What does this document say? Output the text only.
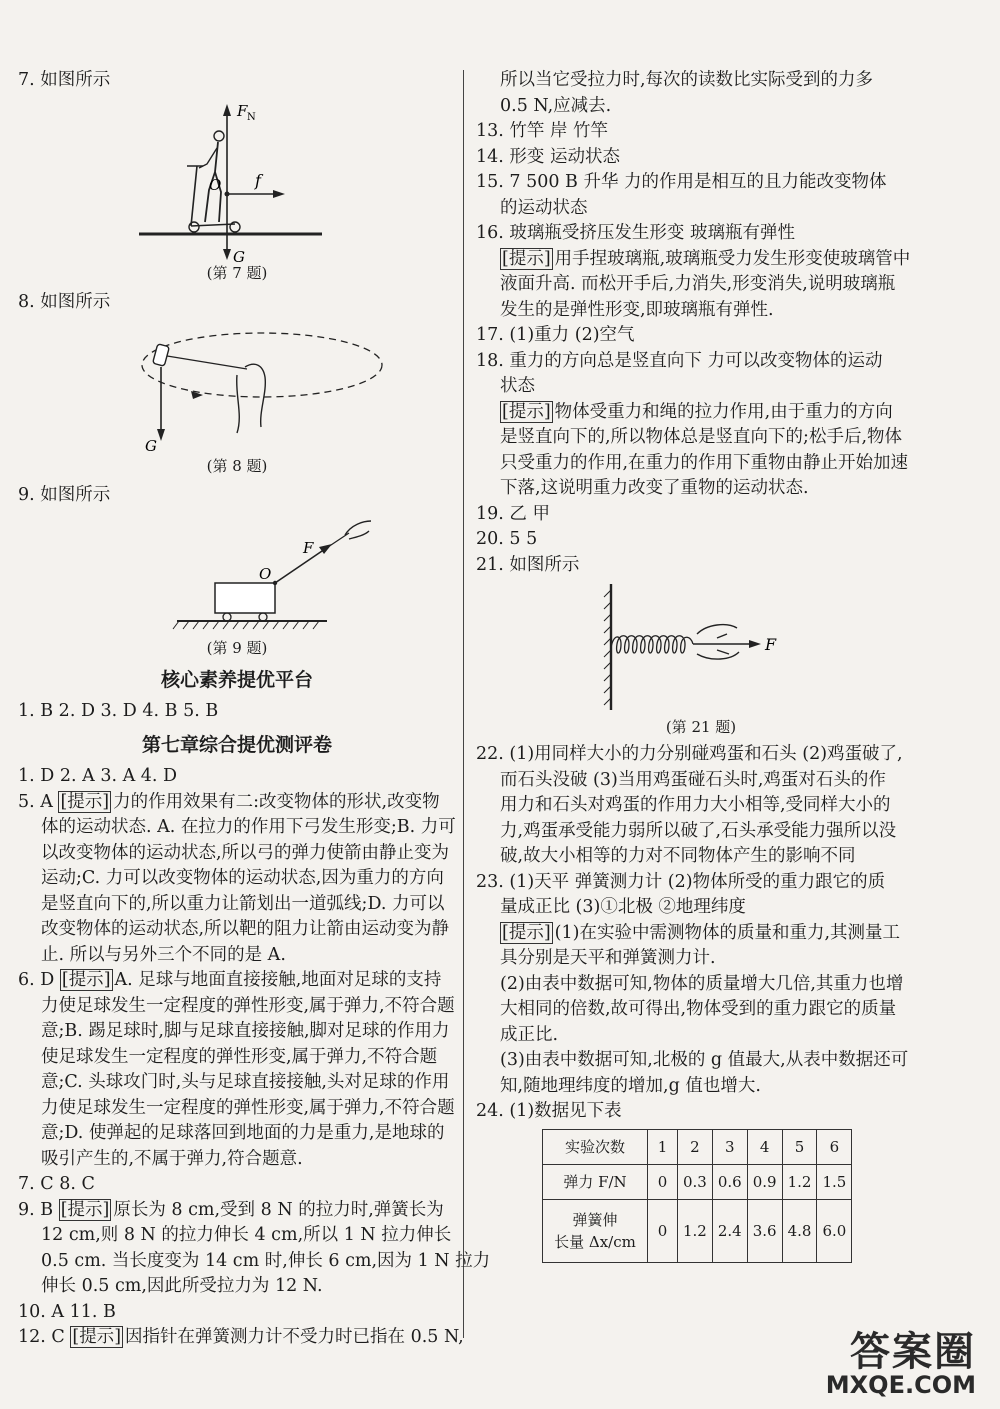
7. 如图所示
F N
O f
G
(第 7 题)
8. 如图所示
G
(第 8 题)
9. 如图所示
O
F
(第 9 题)
核心素养提优平台
1. B 2. D 3. D 4. B 5. B
第七章综合提优测评卷
1. D 2. A 3. A 4. D
5. A [提示] 力的作用效果有二:改变物体的形状,改变物
体的运动状态. A. 在拉力的作用下弓发生形变;B. 力可
以改变物体的运动状态,所以弓的弹力使箭由静止变为
运动;C. 力可以改变物体的运动状态,因为重力的方向
是竖直向下的,所以重力让箭划出一道弧线;D. 力可以
改变物体的运动状态,所以靶的阻力让箭由运动变为静
止. 所以与另外三个不同的是 A.
6. D [提示] A. 足球与地面直接接触,地面对足球的支持
力使足球发生一定程度的弹性形变,属于弹力,不符合题
意;B. 踢足球时,脚与足球直接接触,脚对足球的作用力
使足球发生一定程度的弹性形变,属于弹力,不符合题
意;C. 头球攻门时,头与足球直接接触,头对足球的作用
力使足球发生一定程度的弹性形变,属于弹力,不符合题
意;D. 使弹起的足球落回到地面的力是重力,是地球的
吸引产生的,不属于弹力,符合题意.
7. C 8. C
9. B [提示] 原长为 8 cm,受到 8 N 的拉力时,弹簧长为
12 cm,则 8 N 的拉力伸长 4 cm,所以 1 N 拉力伸长
0.5 cm. 当长度变为 14 cm 时,伸长 6 cm,因为 1 N 拉力
伸长 0.5 cm,因此所受拉力为 12 N.
10. A 11. B
12. C [提示] 因指针在弹簧测力计不受力时已指在 0.5 N,
所以当它受拉力时,每次的读数比实际受到的力多
0.5 N,应减去.
13. 竹竿 岸 竹竿
14. 形变 运动状态
15. 7 500 B 升华 力的作用是相互的且力能改变物体
的运动状态
16. 玻璃瓶受挤压发生形变 玻璃瓶有弹性
[提示] 用手捏玻璃瓶,玻璃瓶受力发生形变使玻璃管中
液面升高. 而松开手后,力消失,形变消失,说明玻璃瓶
发生的是弹性形变,即玻璃瓶有弹性.
17. (1)重力 (2)空气
18. 重力的方向总是竖直向下 力可以改变物体的运动
状态
[提示] 物体受重力和绳的拉力作用,由于重力的方向
是竖直向下的,所以物体总是竖直向下的;松手后,物体
只受重力的作用,在重力的作用下重物由静止开始加速
下落,这说明重力改变了重物的运动状态.
19. 乙 甲
20. 5 5
21. 如图所示
F
(第 21 题)
22. (1)用同样大小的力分别碰鸡蛋和石头 (2)鸡蛋破了,
而石头没破 (3)当用鸡蛋碰石头时,鸡蛋对石头的作
用力和石头对鸡蛋的作用力大小相等,受同样大小的
力,鸡蛋承受能力弱所以破了,石头承受能力强所以没
破,故大小相等的力对不同物体产生的影响不同
23. (1)天平 弹簧测力计 (2)物体所受的重力跟它的质
量成正比 (3)①北极 ②地理纬度
[提示] (1)在实验中需测物体的质量和重力,其测量工
具分别是天平和弹簧测力计.
(2)由表中数据可知,物体的质量增大几倍,其重力也增
大相同的倍数,故可得出,物体受到的重力跟它的质量
成正比.
(3)由表中数据可知,北极的 g 值最大,从表中数据还可
知,随地理纬度的增加,g 值也增大.
24. (1)数据见下表
实验次数	1	2	3	4	5	6
弹力 F/N	0	0.3	0.6	0.9	1.2	1.5
弹簧伸
长量 Δx/cm	0	1.2	2.4	3.6	4.8	6.0
答案圈
MXQE.COM
